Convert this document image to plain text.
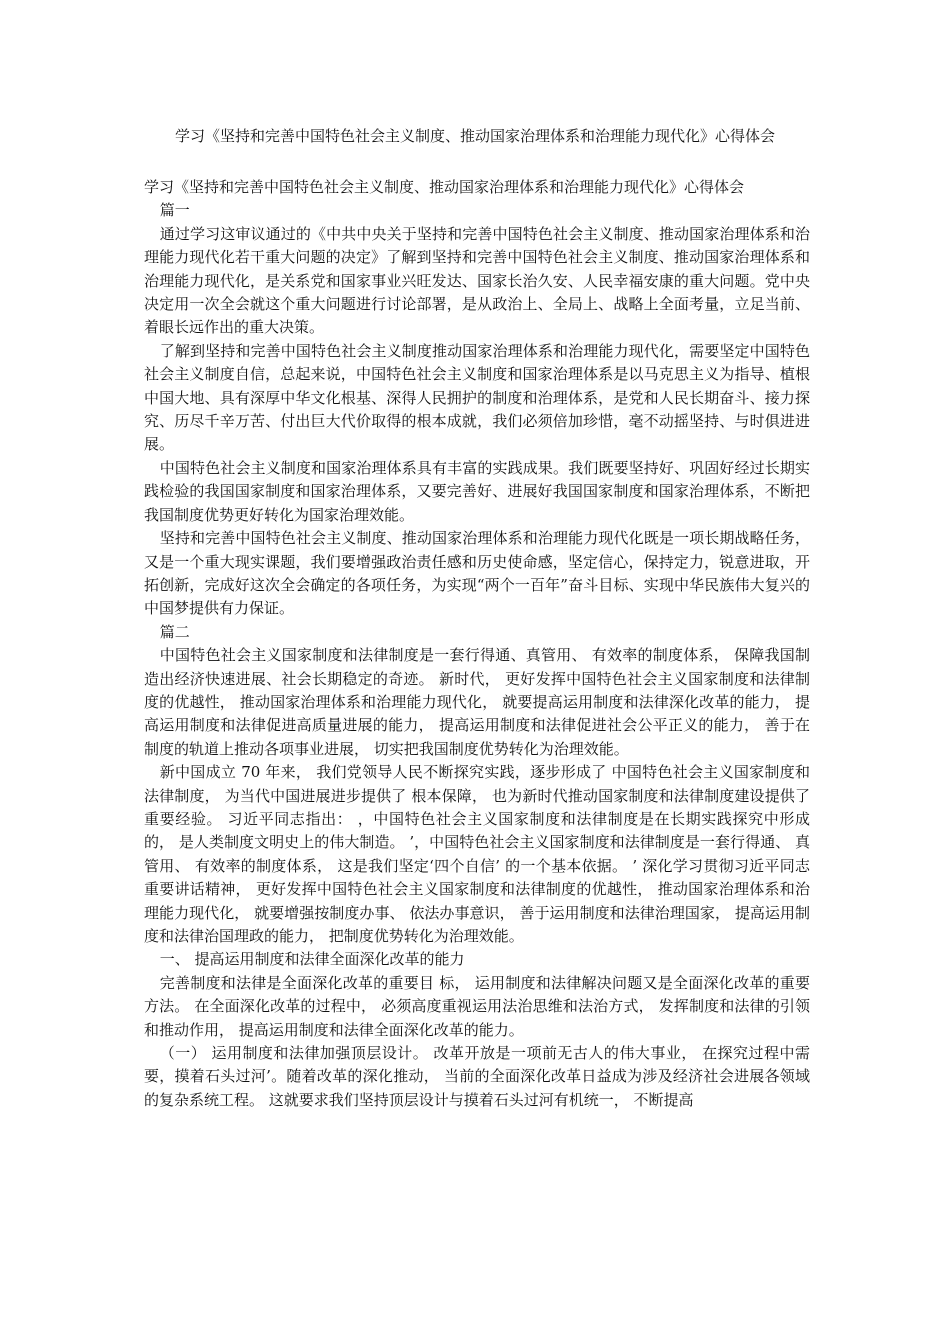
学习《坚持和完善中国特色社会主义制度、推动国家治理体系和治理能力现代化》心得体会

学习《坚持和完善中国特色社会主义制度、推动国家治理体系和治理能力现代化》心得体会

篇一

通过学习这审议通过的《中共中央关于坚持和完善中国特色社会主义制度、推动国家治理体系和治理能力现代化若干重大问题的决定》了解到坚持和完善中国特色社会主义制度、推动国家治理体系和治理能力现代化，是关系党和国家事业兴旺发达、国家长治久安、人民幸福安康的重大问题。党中央决定用一次全会就这个重大问题进行讨论部署，是从政治上、全局上、战略上全面考量，立足当前、着眼长远作出的重大决策。

了解到坚持和完善中国特色社会主义制度推动国家治理体系和治理能力现代化，需要坚定中国特色社会主义制度自信，总起来说，中国特色社会主义制度和国家治理体系是以马克思主义为指导、植根中国大地、具有深厚中华文化根基、深得人民拥护的制度和治理体系，是党和人民长期奋斗、接力探究、历尽千辛万苦、付出巨大代价取得的根本成就，我们必须倍加珍惜，毫不动摇坚持、与时俱进进展。

中国特色社会主义制度和国家治理体系具有丰富的实践成果。我们既要坚持好、巩固好经过长期实践检验的我国国家制度和国家治理体系，又要完善好、进展好我国国家制度和国家治理体系，不断把我国制度优势更好转化为国家治理效能。

坚持和完善中国特色社会主义制度、推动国家治理体系和治理能力现代化既是一项长期战略任务，又是一个重大现实课题，我们要增强政治责任感和历史使命感，坚定信心，保持定力，锐意进取，开拓创新，完成好这次全会确定的各项任务，为实现“两个一百年”奋斗目标、实现中华民族伟大复兴的中国梦提供有力保证。

篇二

中国特色社会主义国家制度和法律制度是一套行得通、真管用、 有效率的制度体系， 保障我国制造出经济快速进展、社会长期稳定的奇迹。 新时代， 更好发挥中国特色社会主义国家制度和法律制度的优越性， 推动国家治理体系和治理能力现代化， 就要提高运用制度和法律深化改革的能力， 提高运用制度和法律促进高质量进展的能力， 提高运用制度和法律促进社会公平正义的能力， 善于在制度的轨道上推动各项事业进展， 切实把我国制度优势转化为治理效能。

新中国成立 70 年来， 我们党领导人民不断探究实践，逐步形成了 中国特色社会主义国家制度和法律制度， 为当代中国进展进步提供了 根本保障， 也为新时代推动国家制度和法律制度建设提供了 重要经验。 习近平同志指出： ，中国特色社会主义国家制度和法律制度是在长期实践探究中形成的， 是人类制度文明史上的伟大制造。 ’，中国特色社会主义国家制度和法律制度是一套行得通、 真管用、 有效率的制度体系， 这是我们坚定‘四个自信’ 的一个基本依据。 ’ 深化学习贯彻习近平同志重要讲话精神， 更好发挥中国特色社会主义国家制度和法律制度的优越性， 推动国家治理体系和治理能力现代化， 就要增强按制度办事、 依法办事意识， 善于运用制度和法律治理国家， 提高运用制度和法律治国理政的能力， 把制度优势转化为治理效能。

一、 提高运用制度和法律全面深化改革的能力

完善制度和法律是全面深化改革的重要目 标， 运用制度和法律解决问题又是全面深化改革的重要方法。 在全面深化改革的过程中， 必须高度重视运用法治思维和法治方式， 发挥制度和法律的引领和推动作用， 提高运用制度和法律全面深化改革的能力。

（一） 运用制度和法律加强顶层设计。 改革开放是一项前无古人的伟大事业， 在探究过程中需要，摸着石头过河’。随着改革的深化推动， 当前的全面深化改革日益成为涉及经济社会进展各领域的复杂系统工程。 这就要求我们坚持顶层设计与摸着石头过河有机统一， 不断提高
